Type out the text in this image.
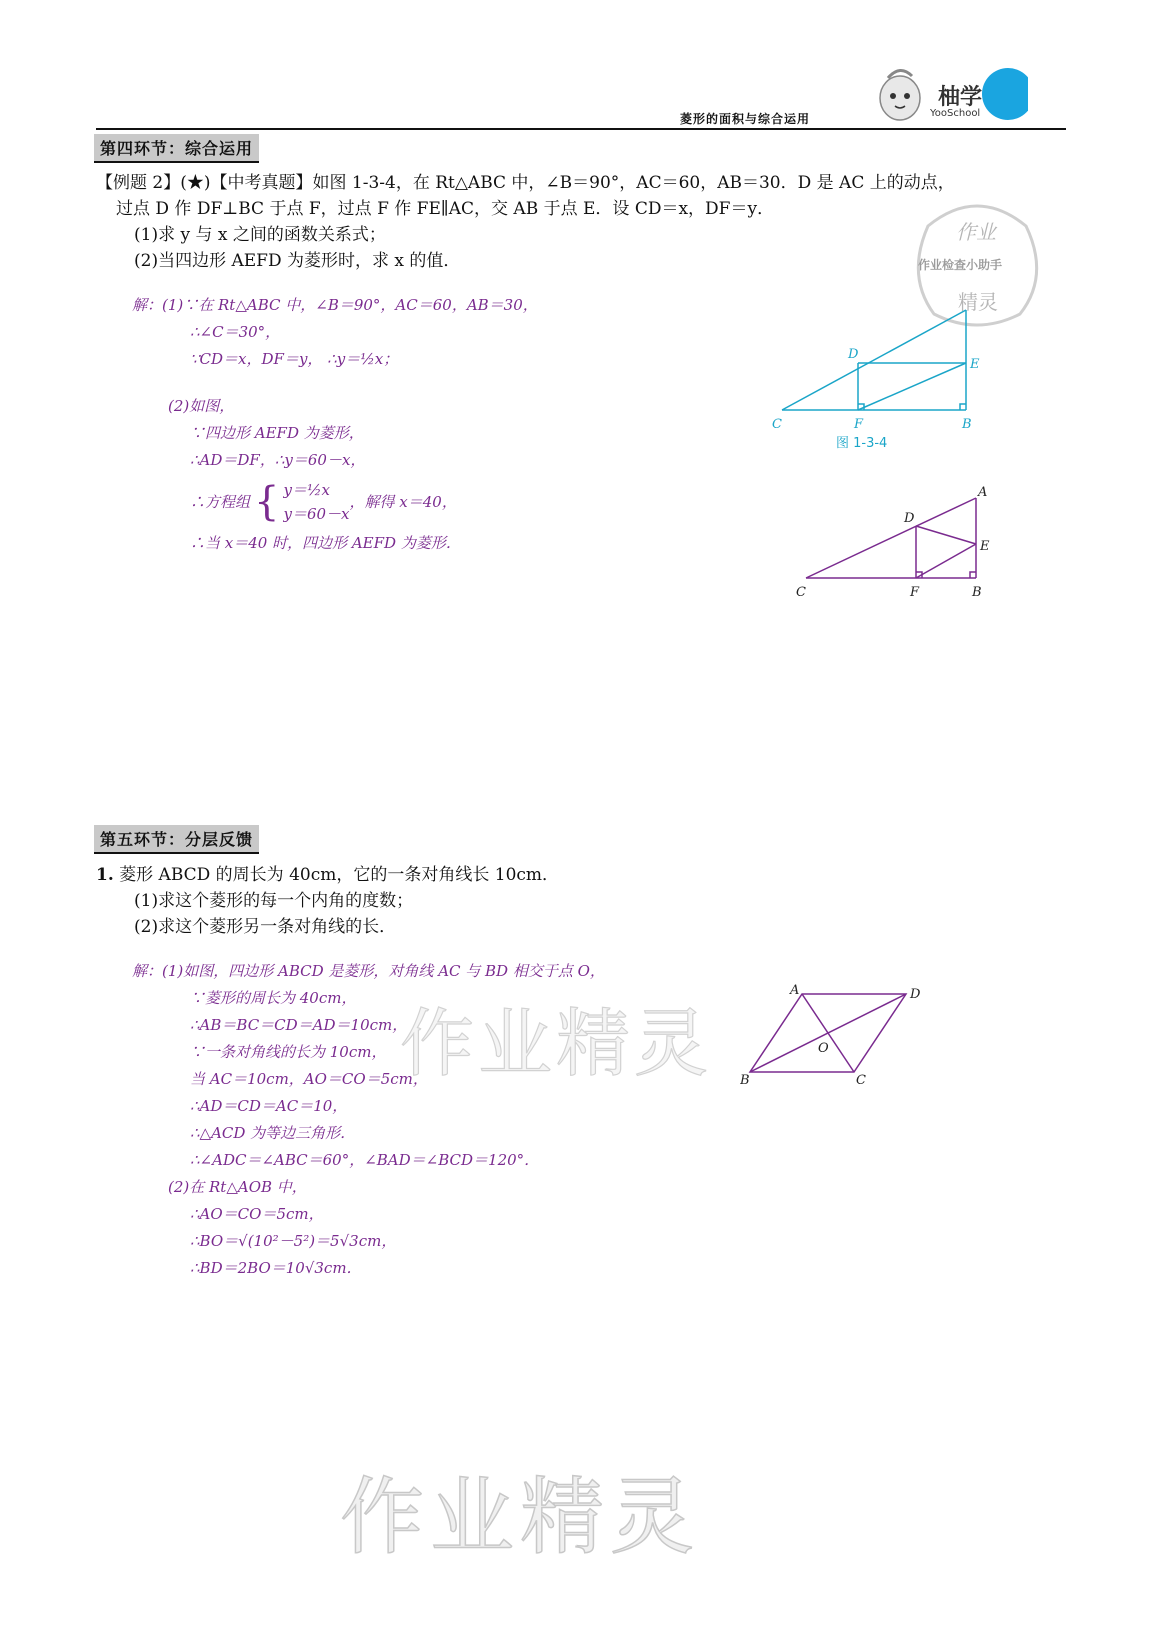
菱形的面积与综合运用
柚学
YooSchool
8
第四环节：综合运用
【例题 2】(★)【中考真题】如图 1-3-4，在 Rt△ABC 中，∠B＝90°，AC＝60，AB＝30．D 是 AC 上的动点，
过点 D 作 DF⊥BC 于点 F，过点 F 作 FE∥AC，交 AB 于点 E．设 CD＝x，DF＝y．
(1)求 y 与 x 之间的函数关系式；
(2)当四边形 AEFD 为菱形时，求 x 的值．
解：(1)∵在 Rt△ABC 中，∠B＝90°，AC＝60，AB＝30，
∴∠C＝30°，
∵CD＝x，DF＝y， ∴y＝½x；
(2)如图，
∵四边形 AEFD 为菱形，
∴AD＝DF，∴y＝60－x，
∴方程组 { y＝½x
y＝60－x
，解得 x＝40，
∴当 x＝40 时，四边形 AEFD 为菱形．
作业
作业检查小助手
精灵
C	F	B
D
E
图 1-3-4
A
D
E
C	F	B
第五环节：分层反馈
1. 菱形 ABCD 的周长为 40cm，它的一条对角线长 10cm．
(1)求这个菱形的每一个内角的度数；
(2)求这个菱形另一条对角线的长．
作业精灵
解：(1)如图，四边形 ABCD 是菱形，对角线 AC 与 BD 相交于点 O，
∵菱形的周长为 40cm，
∴AB＝BC＝CD＝AD＝10cm，
∵一条对角线的长为 10cm，
当 AC＝10cm，AO＝CO＝5cm，
∴AD＝CD＝AC＝10，
∴△ACD 为等边三角形．
∴∠ADC＝∠ABC＝60°，∠BAD＝∠BCD＝120°．
(2)在 Rt△AOB 中，
∴AO＝CO＝5cm，
∴BO＝√(10²－5²)＝5√3cm，
∴BD＝2BO＝10√3cm．
A	D
O
B	C
作业精灵
